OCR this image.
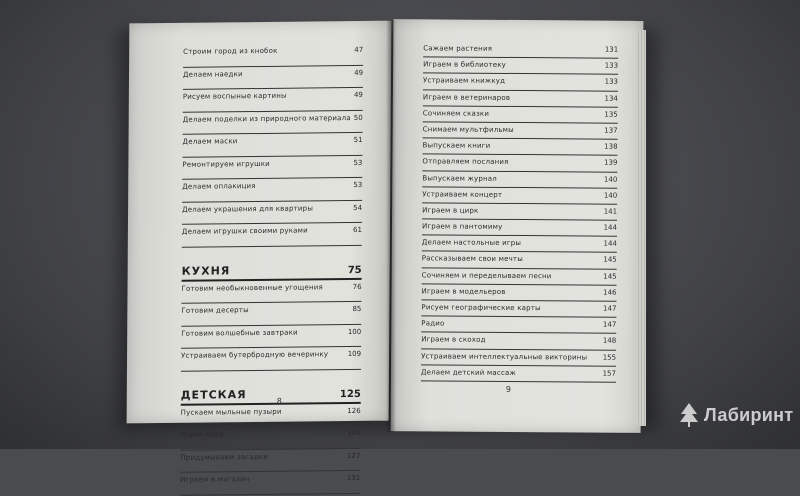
Строим город из кнобок	47
Делаем наедки	49
Рисуем воспыные картины	49
Делаем поделки из природного материала 50
Делаем маски	51
Ремонтируем игрушки	53
Делаем оплакиция	53
Делаем украшения для квартиры	54
Делаем игрушки своими руками	61
КУХНЯ	75
Готовим необыкновенные угощения	76
Готовим десерты	85
Готовим волшебные завтраки	100
Устраиваем бутербродную вечеринку	109
ДЕТСКАЯ	125
Пускаем мыльные пузыри	126
Ищем клад	126
Придумываем загадки	127
Играем в магазин	131
8
Сажаем растения	131
Играем в библиотеку	133
Устраиваем книжкуд	133
Играем в ветеринаров	134
Сочиняем сказки	135
Снимаем мультфильмы	137
Выпускаем книги	138
Отправляем послания	139
Выпускаем журнал	140
Устраиваем концерт	140
Играем в цирк	141
Играем в пантомиму	144
Делаем настольные игры	144
Рассказываем свои мечты	145
Сочиняем и переделываем песни	145
Играем в модельеров	146
Рисуем географические карты	147
Радио	147
Играем в скоход	148
Устраиваем интеллектуальные викторины 155
Делаем детский массаж	157
9
Лабиринт
